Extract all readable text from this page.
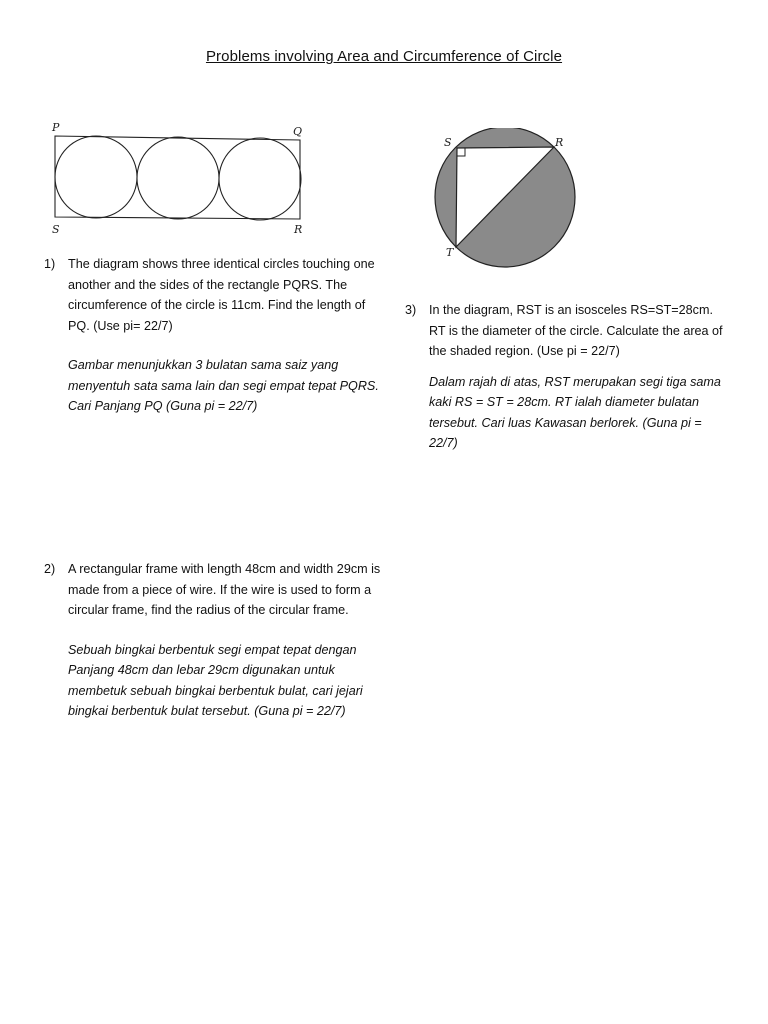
Problems involving Area and Circumference of Circle
P	Q
S	R
S	R
T
1) The diagram shows three identical circles touching one another and the sides of the rectangle PQRS. The circumference of the circle is 11cm. Find the length of PQ. (Use pi= 22/7)
Gambar menunjukkan 3 bulatan sama saiz yang menyentuh sata sama lain dan segi empat tepat PQRS. Cari Panjang PQ (Guna pi = 22/7)
2) A rectangular frame with length 48cm and width 29cm is made from a piece of wire. If the wire is used to form a circular frame, find the radius of the circular frame.
Sebuah bingkai berbentuk segi empat tepat dengan Panjang 48cm dan lebar 29cm digunakan untuk membetuk sebuah bingkai berbentuk bulat, cari jejari bingkai berbentuk bulat tersebut. (Guna pi = 22/7)
3) In the diagram, RST is an isosceles RS=ST=28cm. RT is the diameter of the circle. Calculate the area of the shaded region. (Use pi = 22/7)
Dalam rajah di atas, RST merupakan segi tiga sama kaki RS = ST = 28cm. RT ialah diameter bulatan tersebut. Cari luas Kawasan berlorek. (Guna pi = 22/7)
